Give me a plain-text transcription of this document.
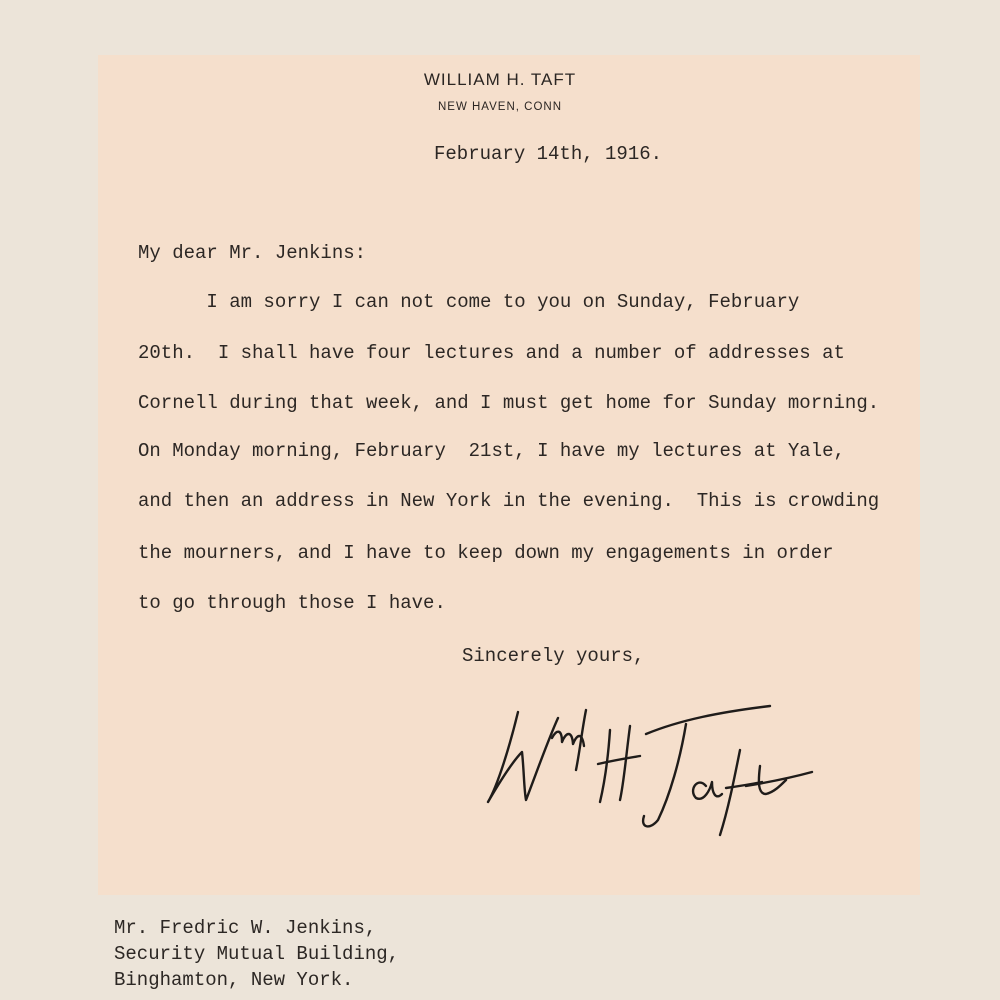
WILLIAM H. TAFT
NEW HAVEN, CONN
February 14th, 1916.
My dear Mr. Jenkins:
I am sorry I can not come to you on Sunday, February
20th.  I shall have four lectures and a number of addresses at
Cornell during that week, and I must get home for Sunday morning.
On Monday morning, February  21st, I have my lectures at Yale,
and then an address in New York in the evening.  This is crowding
the mourners, and I have to keep down my engagements in order
to go through those I have.
Sincerely yours,
Mr. Fredric W. Jenkins,
Security Mutual Building,
Binghamton, New York.
